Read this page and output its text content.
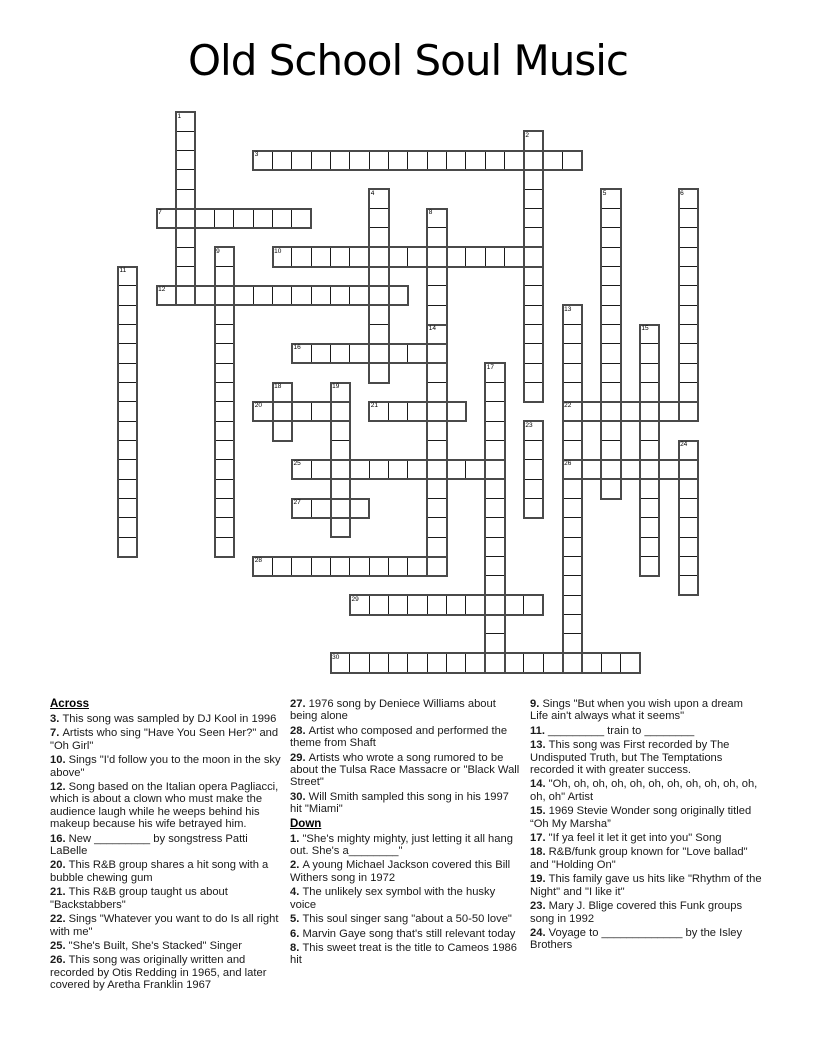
Old School Soul Music
1
2
3
4	5	6
7	8
9	10
11
12
13
14	15
16
17
18	19
20	21	22
23
24
25	26
27
28
29
30
Across
3. This song was sampled by DJ Kool in 1996
7. Artists who sing "Have You Seen Her?" and "Oh Girl"
10. Sings "I'd follow you to the moon in the sky above"
12. Song based on the Italian opera Pagliacci, which is about a clown who must make the audience laugh while he weeps behind his makeup because his wife betrayed him.
16. New _________ by songstress Patti LaBelle
20. This R&B group shares a hit song with a bubble chewing gum
21. This R&B group taught us about "Backstabbers"
22. Sings "Whatever you want to do Is all right with me"
25. "She's Built, She's Stacked" Singer
26. This song was originally written and recorded by Otis Redding in 1965, and later covered by Aretha Franklin 1967
27. 1976 song by Deniece Williams about being alone
28. Artist who composed and performed the theme from Shaft
29. Artists who wrote a song rumored to be about the Tulsa Race Massacre or "Black Wall Street"
30. Will Smith sampled this song in his 1997 hit "Miami"
Down
1. "She's mighty mighty, just letting it all hang out. She's a________"
2. A young Michael Jackson covered this Bill Withers song in 1972
4. The unlikely sex symbol with the husky voice
5. This soul singer sang "about a 50-50 love"
6. Marvin Gaye song that's still relevant today
8. This sweet treat is the title to Cameos 1986 hit
9. Sings "But when you wish upon a dream Life ain't always what it seems"
11. _________ train to ________
13. This song was First recorded by The Undisputed Truth, but The Temptations recorded it with greater success.
14. "Oh, oh, oh, oh, oh, oh, oh, oh, oh, oh, oh, oh, oh" Artist
15. 1969 Stevie Wonder song originally titled “Oh My Marsha”
17. "If ya feel it let it get into you" Song
18. R&B/funk group known for "Love ballad" and "Holding On"
19. This family gave us hits like "Rhythm of the Night" and "I like it"
23. Mary J. Blige covered this Funk groups song in 1992
24. Voyage to _____________ by the Isley Brothers
